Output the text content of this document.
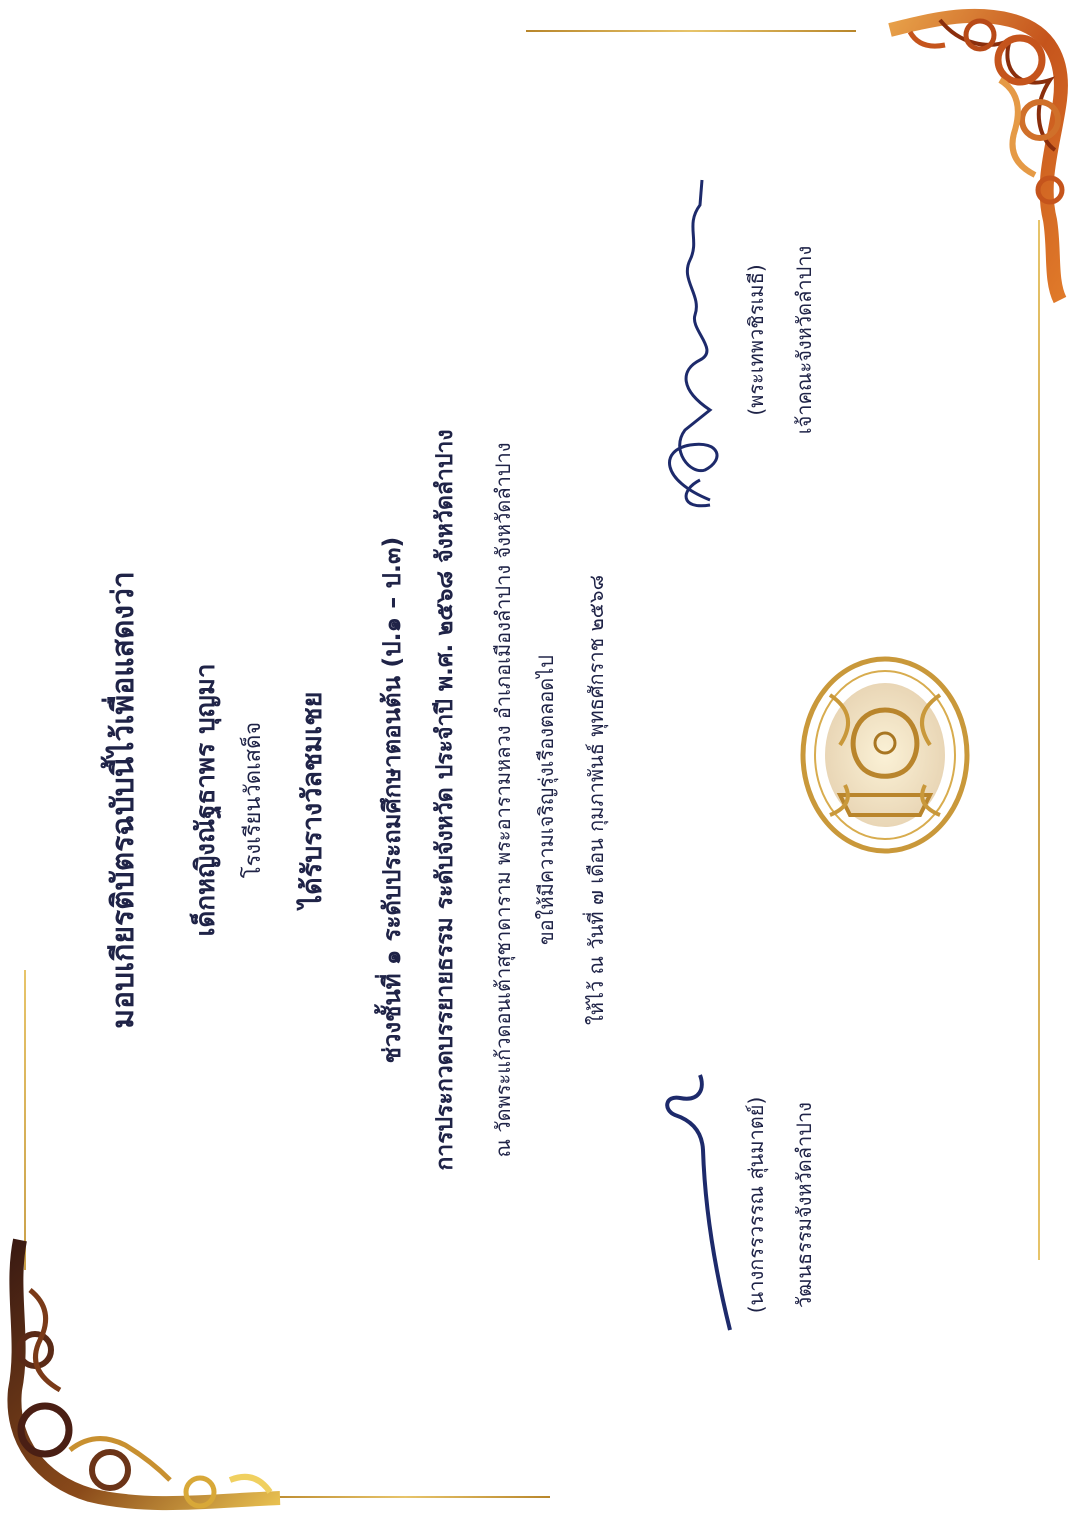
มอบเกียรติบัตรฉบับนี้ไว้เพื่อแสดงว่า เด็กหญิงณัฐธาพร บุญมา โรงเรียนวัดเสด็จ ได้รับรางวัลชมเชย ช่วงชั้นที่ ๑ ระดับประถมศึกษาตอนต้น (ป.๑ – ป.๓) การประกวดบรรยายธรรม ระดับจังหวัด ประจำปี พ.ศ. ๒๕๖๘ จังหวัดลำปาง ณ วัดพระแก้วดอนเต้าสุชาดาราม พระอารามหลวง อำเภอเมืองลำปาง จังหวัดลำปาง ขอให้มีความเจริญรุ่งเรืองตลอดไป ให้ไว้ ณ วันที่ ๗ เดือน กุมภาพันธ์ พุทธศักราช ๒๕๖๘
(นางกรรวรรณ สุ่นมาตย์) วัฒนธรรมจังหวัดลำปาง
(พระเทพวชิรเมธี) เจ้าคณะจังหวัดลำปาง
